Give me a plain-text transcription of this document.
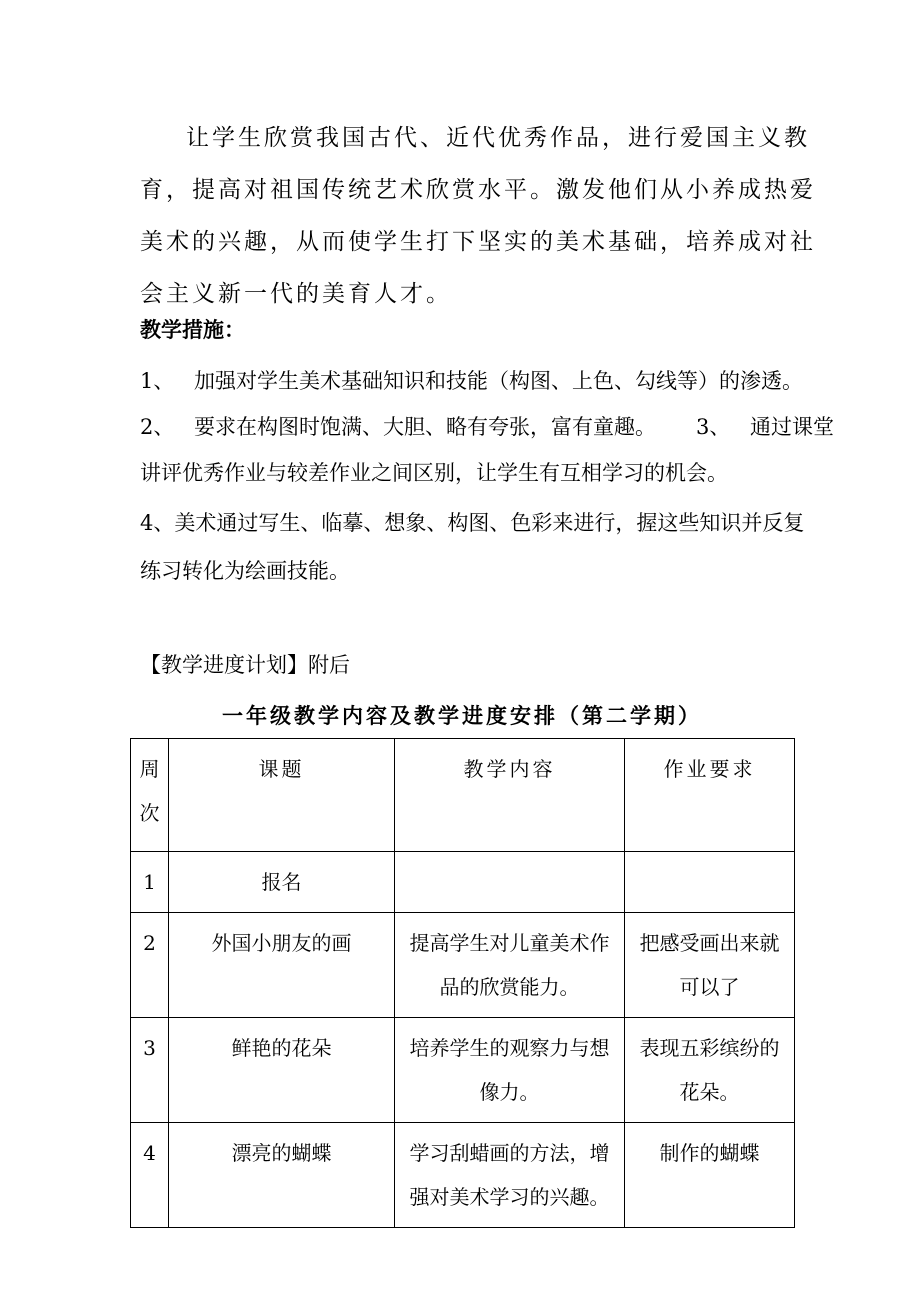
让学生欣赏我国古代、近代优秀作品，进行爱国主义教育，提高对祖国传统艺术欣赏水平。激发他们从小养成热爱美术的兴趣，从而使学生打下坚实的美术基础，培养成对社会主义新一代的美育人才。

教学措施：
1、 加强对学生美术基础知识和技能（构图、上色、勾线等）的渗透。
2、 要求在构图时饱满、大胆、略有夸张，富有童趣。 3、 通过课堂
讲评优秀作业与较差作业之间区别，让学生有互相学习的机会。
4、美术通过写生、临摹、想象、构图、色彩来进行，握这些知识并反复
练习转化为绘画技能。
【教学进度计划】附后
一年级教学内容及教学进度安排（第二学期）
周次	课题	教学内容	作业要求
1	报名		
2	外国小朋友的画	提高学生对儿童美术作品的欣赏能力。	把感受画出来就可以了
3	鲜艳的花朵	培养学生的观察力与想像力。	表现五彩缤纷的花朵。
4	漂亮的蝴蝶	学习刮蜡画的方法，增强对美术学习的兴趣。	制作的蝴蝶
